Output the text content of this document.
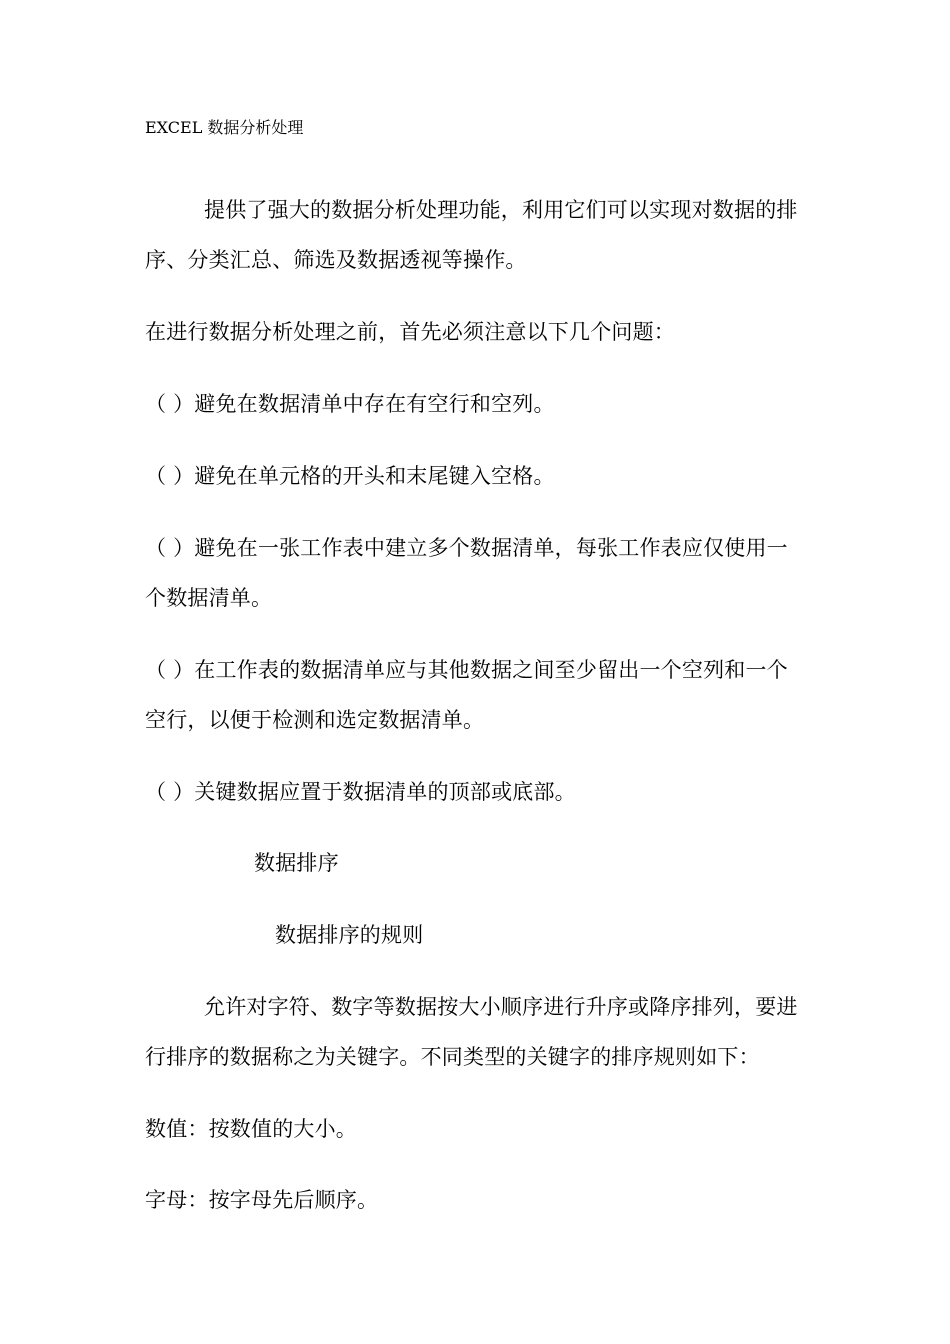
EXCEL 数据分析处理

提供了强大的数据分析处理功能，利用它们可以实现对数据的排

序、分类汇总、筛选及数据透视等操作。

在进行数据分析处理之前，首先必须注意以下几个问题：

（ ）避免在数据清单中存在有空行和空列。

（ ）避免在单元格的开头和末尾键入空格。

（ ）避免在一张工作表中建立多个数据清单，每张工作表应仅使用一

个数据清单。

（ ）在工作表的数据清单应与其他数据之间至少留出一个空列和一个

空行，以便于检测和选定数据清单。

（ ）关键数据应置于数据清单的顶部或底部。

数据排序

数据排序的规则

允许对字符、数字等数据按大小顺序进行升序或降序排列，要进

行排序的数据称之为关键字。不同类型的关键字的排序规则如下：

数值：按数值的大小。

字母：按字母先后顺序。
